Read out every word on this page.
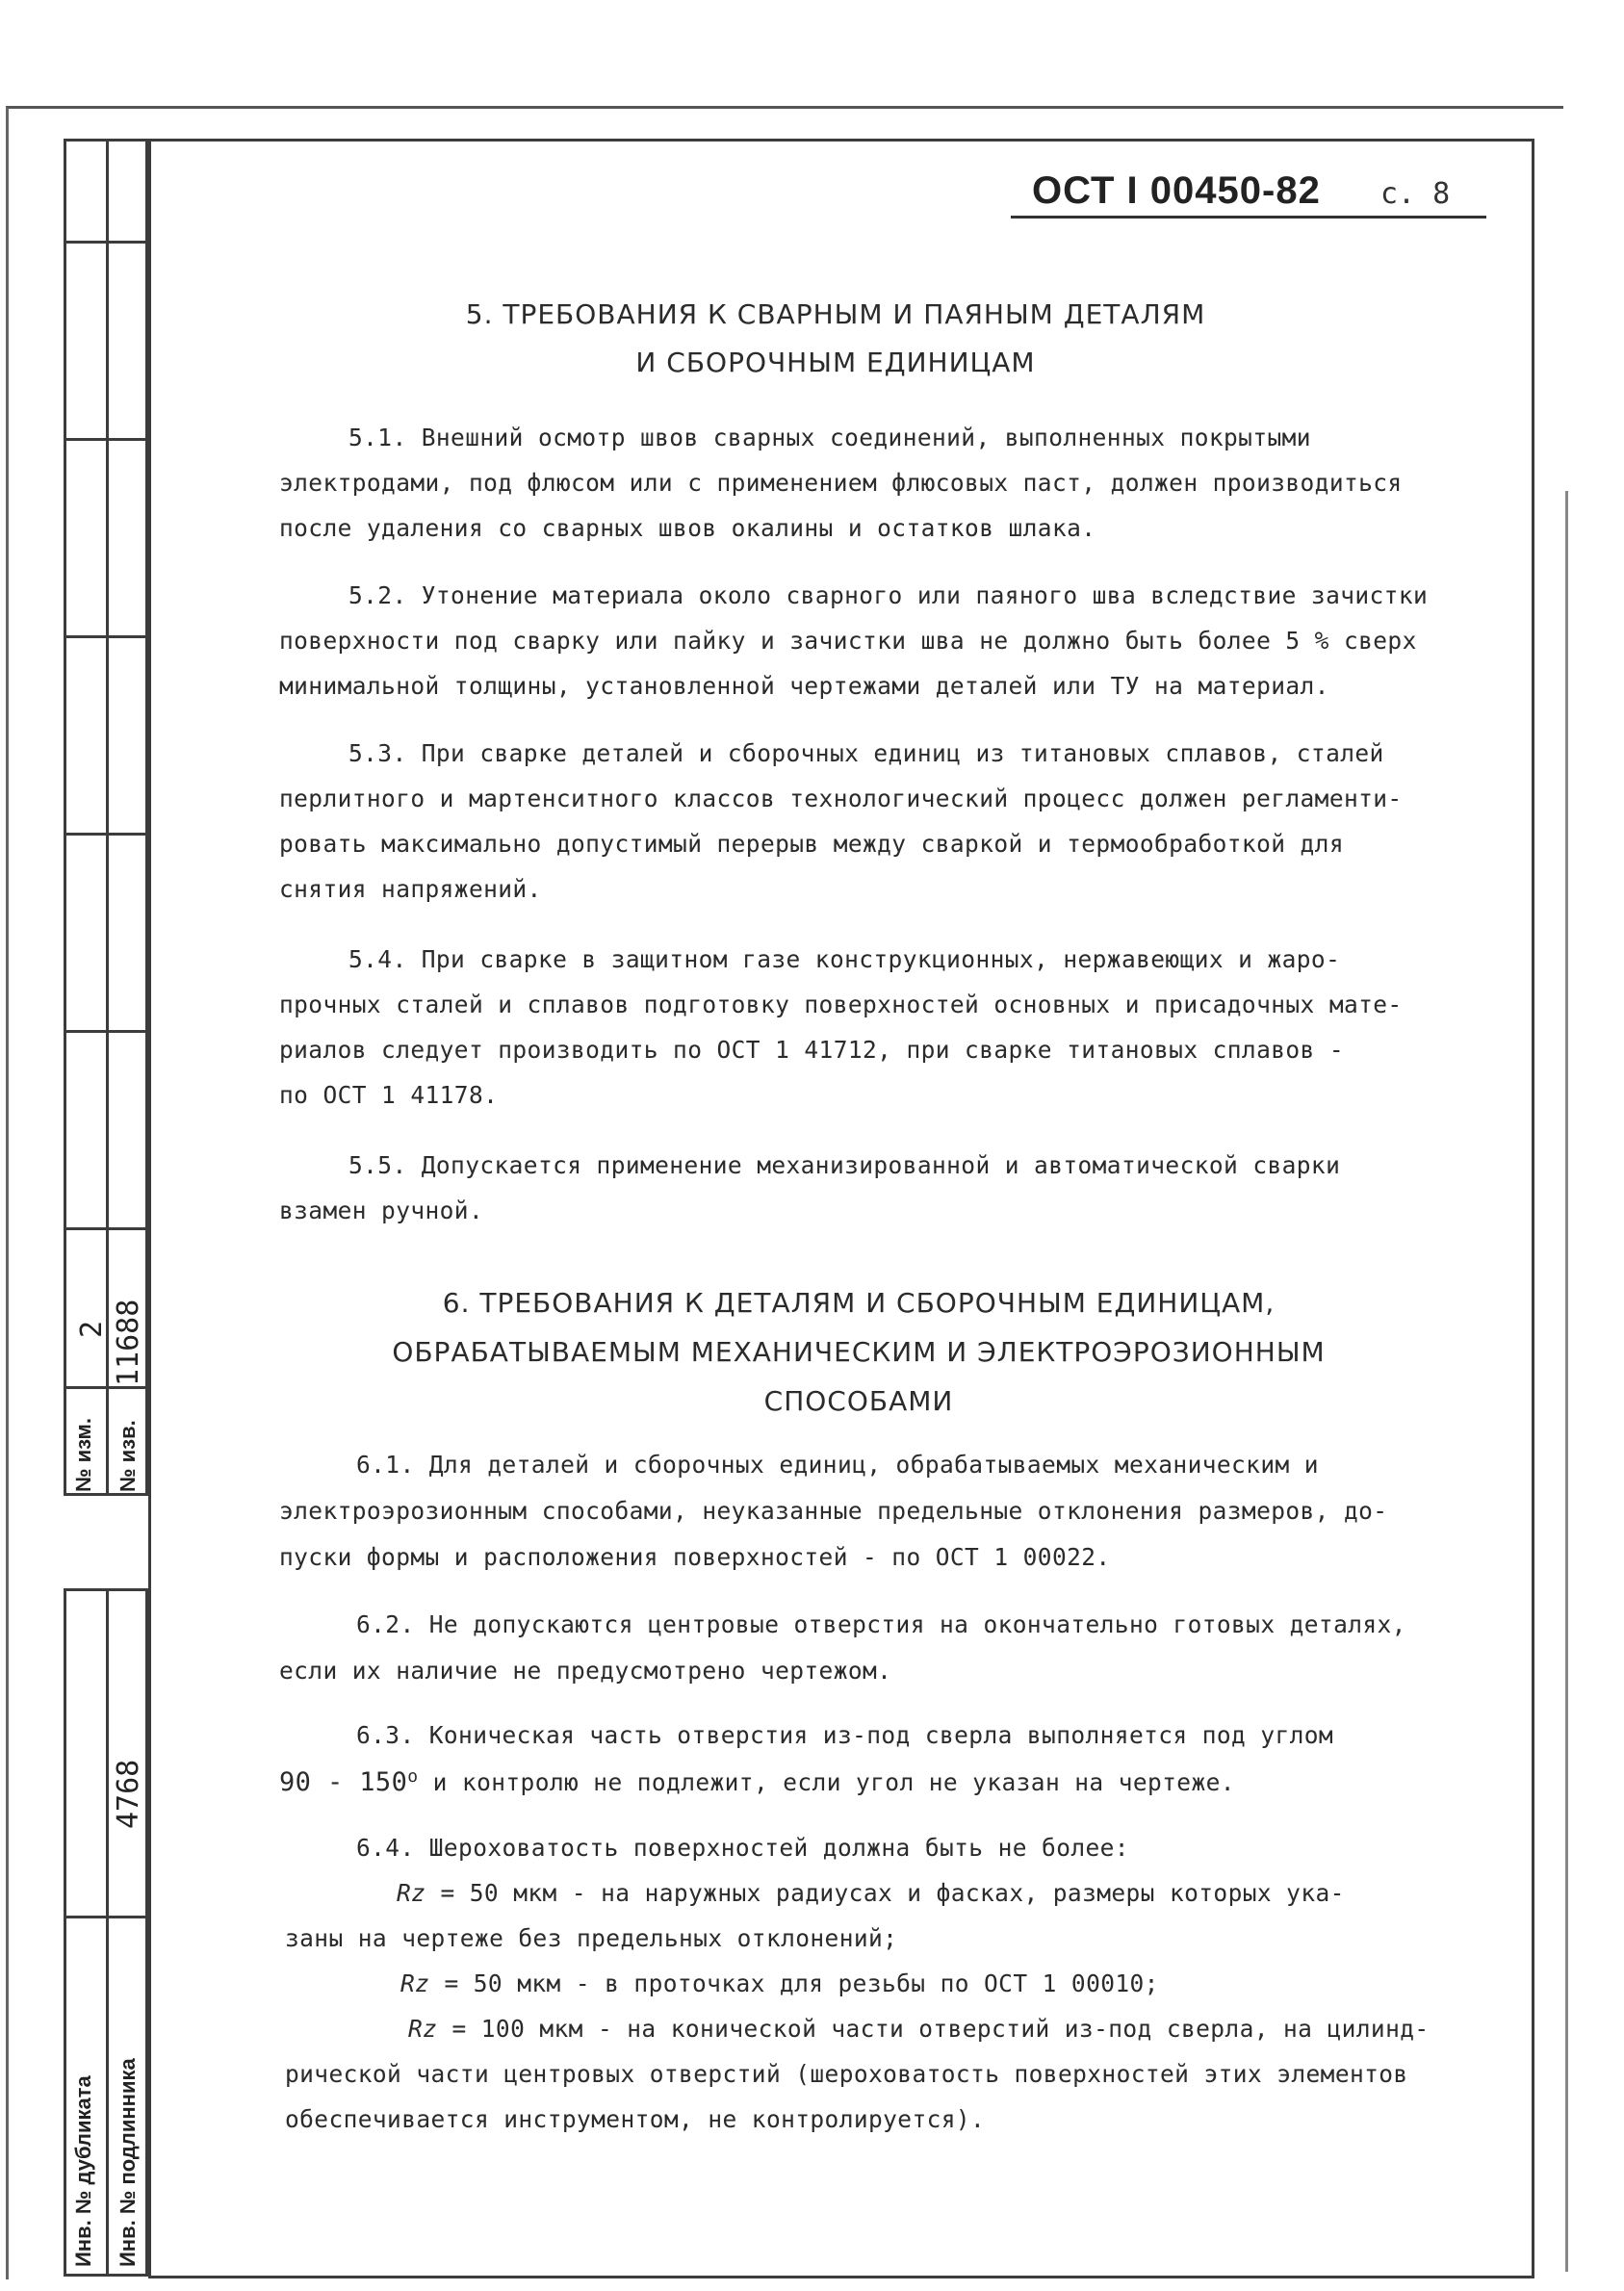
№ изм.
2
№ изв.
11688
4768
Инв. № дубликата Инв. № подлинника
ОСТ I 00450-82 с. 8
5. ТРЕБОВАНИЯ К СВАРНЫМ И ПАЯНЫМ ДЕТАЛЯМ
И СБОРОЧНЫМ ЕДИНИЦАМ
5.1. Внешний осмотр швов сварных соединений, выполненных покрытыми
электродами, под флюсом или с применением флюсовых паст, должен производиться
после удаления со сварных швов окалины и остатков шлака.
5.2. Утонение материала около сварного или паяного шва вследствие зачистки
поверхности под сварку или пайку и зачистки шва не должно быть более 5 % сверх
минимальной толщины, установленной чертежами деталей или ТУ на материал.
5.3. При сварке деталей и сборочных единиц из титановых сплавов, сталей
перлитного и мартенситного классов технологический процесс должен регламенти-
ровать максимально допустимый перерыв между сваркой и термообработкой для
снятия напряжений.
5.4. При сварке в защитном газе конструкционных, нержавеющих и жаро-
прочных сталей и сплавов подготовку поверхностей основных и присадочных мате-
риалов следует производить по ОСТ 1 41712, при сварке титановых сплавов -
по ОСТ 1 41178.
5.5. Допускается применение механизированной и автоматической сварки
взамен ручной.
6. ТРЕБОВАНИЯ К ДЕТАЛЯМ И СБОРОЧНЫМ ЕДИНИЦАМ,
ОБРАБАТЫВАЕМЫМ МЕХАНИЧЕСКИМ И ЭЛЕКТРОЭРОЗИОННЫМ
СПОСОБАМИ
6.1. Для деталей и сборочных единиц, обрабатываемых механическим и
электроэрозионным способами, неуказанные предельные отклонения размеров, до-
пуски формы и расположения поверхностей - по ОСТ 1 00022.
6.2. Не допускаются центровые отверстия на окончательно готовых деталях,
если их наличие не предусмотрено чертежом.
6.3. Коническая часть отверстия из-под сверла выполняется под углом
$90 - 150^о$ и контролю не подлежит, если угол не указан на чертеже.
6.4. Шероховатость поверхностей должна быть не более:
Rz = 50 мкм - на наружных радиусах и фасках, размеры которых ука-
заны на чертеже без предельных отклонений;
Rz = 50 мкм - в проточках для резьбы по ОСТ 1 00010;
Rz = 100 мкм - на конической части отверстий из-под сверла, на цилинд-
рической части центровых отверстий (шероховатость поверхностей этих элементов
обеспечивается инструментом, не контролируется).
